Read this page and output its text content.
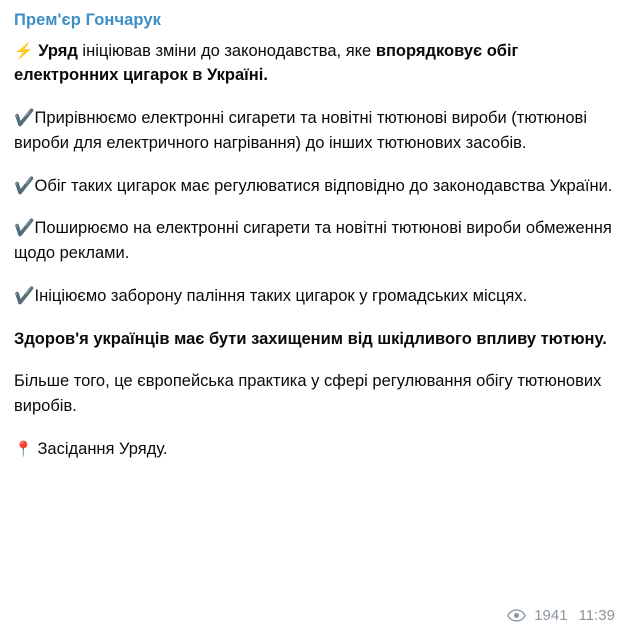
Прем'єр Гончарук
⚡️ Уряд ініціював зміни до законодавства, яке впорядковує обіг електронних цигарок в Україні.
✔️Прирівнюємо електронні сигарети та новітні тютюнові вироби (тютюнові вироби для електричного нагрівання) до інших тютюнових засобів.
✔️Обіг таких цигарок має регулюватися відповідно до законодавства України.
✔️Поширюємо на електронні сигарети та новітні тютюнові вироби обмеження щодо реклами.
✔️Ініціюємо заборону паління таких цигарок у громадських місцях.
Здоров'я українців має бути захищеним від шкідливого впливу тютюну.
Більше того, це європейська практика у сфері регулювання обігу тютюнових виробів.
📍 Засідання Уряду.
1941 11:39
